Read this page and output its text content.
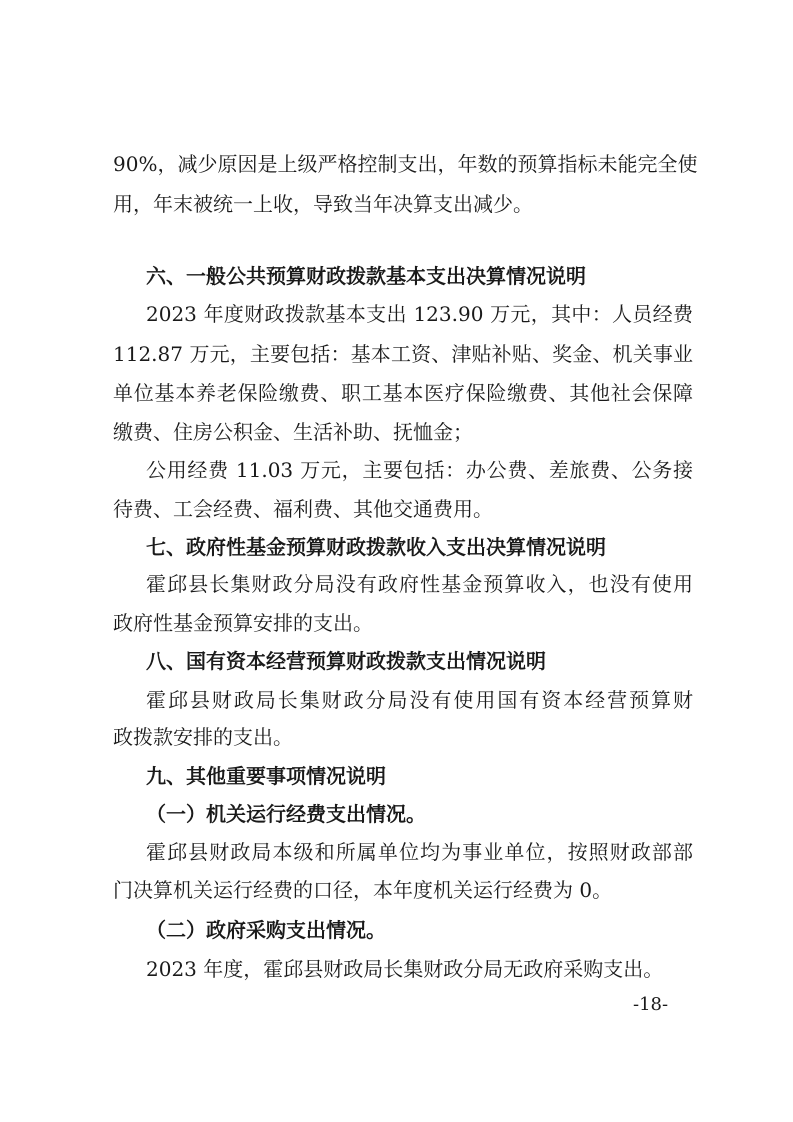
90%，减少原因是上级严格控制支出，年数的预算指标未能完全使
用，年末被统一上收，导致当年决算支出减少。
六、一般公共预算财政拨款基本支出决算情况说明
2023 年度财政拨款基本支出 123.90 万元，其中：人员经费
112.87 万元，主要包括：基本工资、津贴补贴、奖金、机关事业
单位基本养老保险缴费、职工基本医疗保险缴费、其他社会保障
缴费、住房公积金、生活补助、抚恤金；
公用经费 11.03 万元，主要包括：办公费、差旅费、公务接
待费、工会经费、福利费、其他交通费用。
七、政府性基金预算财政拨款收入支出决算情况说明
霍邱县长集财政分局没有政府性基金预算收入，也没有使用
政府性基金预算安排的支出。
八、国有资本经营预算财政拨款支出情况说明
霍邱县财政局长集财政分局没有使用国有资本经营预算财
政拨款安排的支出。
九、其他重要事项情况说明
（一）机关运行经费支出情况。
霍邱县财政局本级和所属单位均为事业单位，按照财政部部
门决算机关运行经费的口径，本年度机关运行经费为 0。
（二）政府采购支出情况。
2023 年度，霍邱县财政局长集财政分局无政府采购支出。
-18-
